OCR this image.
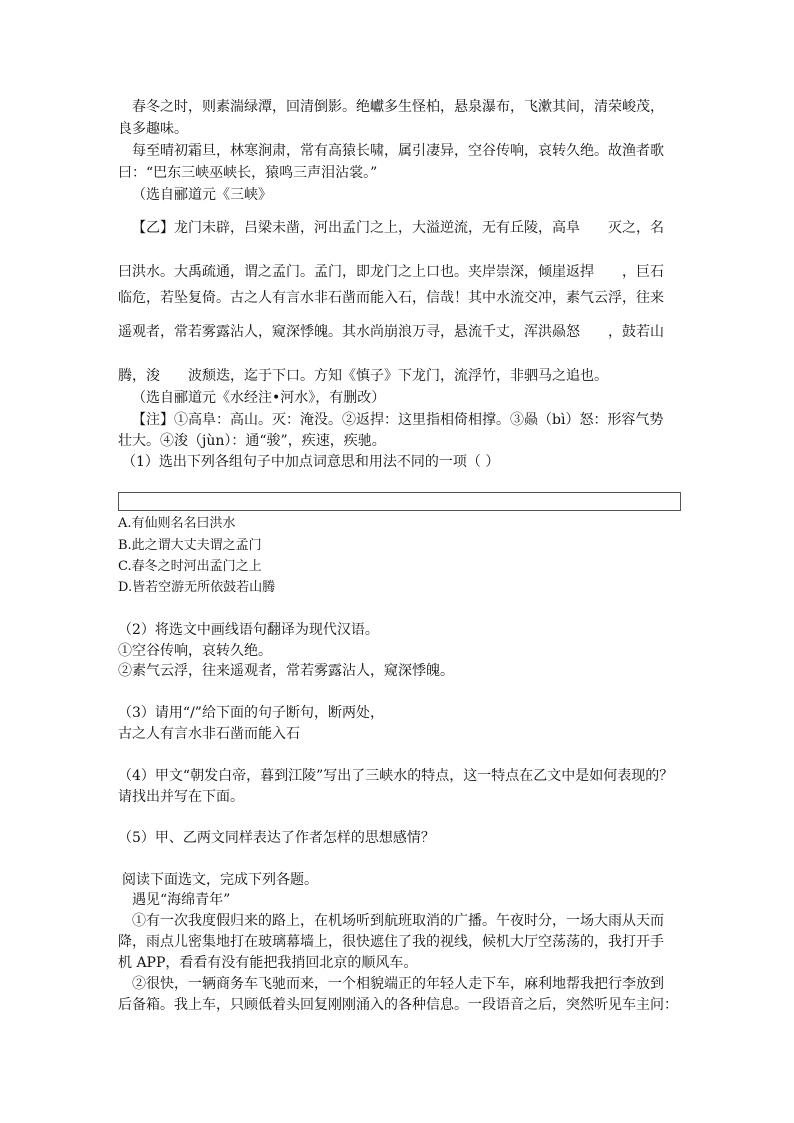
春冬之时，则素湍绿潭，回清倒影。绝巘多生怪柏，悬泉瀑布，飞漱其间，清荣峻茂，
良多趣味。
每至晴初霜旦，林寒涧肃，常有高猿长啸，属引凄异，空谷传响，哀转久绝。故渔者歌
曰：“巴东三峡巫峡长，猿鸣三声泪沾裳。”
（选自郦道元《三峡》
【乙】龙门未辟，吕梁未凿，河出孟门之上，大溢逆流，无有丘陵，高阜　　灭之，名
曰洪水。大禹疏通，谓之孟门。孟门，即龙门之上口也。夹岸崇深，倾崖返捍　　，巨石
临危，若坠复倚。古之人有言水非石凿而能入石，信哉！其中水流交冲，素气云浮，往来
遥观者，常若雾露沾人，窥深悸魄。其水尚崩浪万寻，悬流千丈，浑洪赑怒　　，鼓若山
腾，浚　　波颓迭，迄于下口。方知《慎子》下龙门，流浮竹，非驷马之追也。
（选自郦道元《水经注•河水》，有删改）
【注】①高阜：高山。灭：淹没。②返捍：这里指相倚相撑。③赑（bì）怒：形容气势
壮大。④浚（jùn）：通“骏”，疾速，疾驰。
（1）选出下列各组句子中加点词意思和用法不同的一项（ ）
A.有仙则名名曰洪水
B.此之谓大丈夫谓之孟门
C.春冬之时河出孟门之上
D.皆若空游无所依鼓若山腾
（2）将选文中画线语句翻译为现代汉语。
①空谷传响，哀转久绝。
②素气云浮，往来遥观者，常若雾露沾人，窥深悸魄。
（3）请用“/”给下面的句子断句，断两处，
古之人有言水非石凿而能入石
（4）甲文“朝发白帝，暮到江陵”写出了三峡水的特点，这一特点在乙文中是如何表现的？
请找出并写在下面。
（5）甲、乙两文同样表达了作者怎样的思想感情？
阅读下面选文，完成下列各题。
遇见“海绵青年”
①有一次我度假归来的路上，在机场听到航班取消的广播。午夜时分，一场大雨从天而
降，雨点儿密集地打在玻璃幕墙上，很快遮住了我的视线，候机大厅空荡荡的，我打开手
机 APP，看看有没有能把我捎回北京的顺风车。
②很快，一辆商务车飞驰而来，一个相貌端正的年轻人走下车，麻利地帮我把行李放到
后备箱。我上车，只顾低着头回复刚刚涌入的各种信息。一段语音之后，突然听见车主问：
